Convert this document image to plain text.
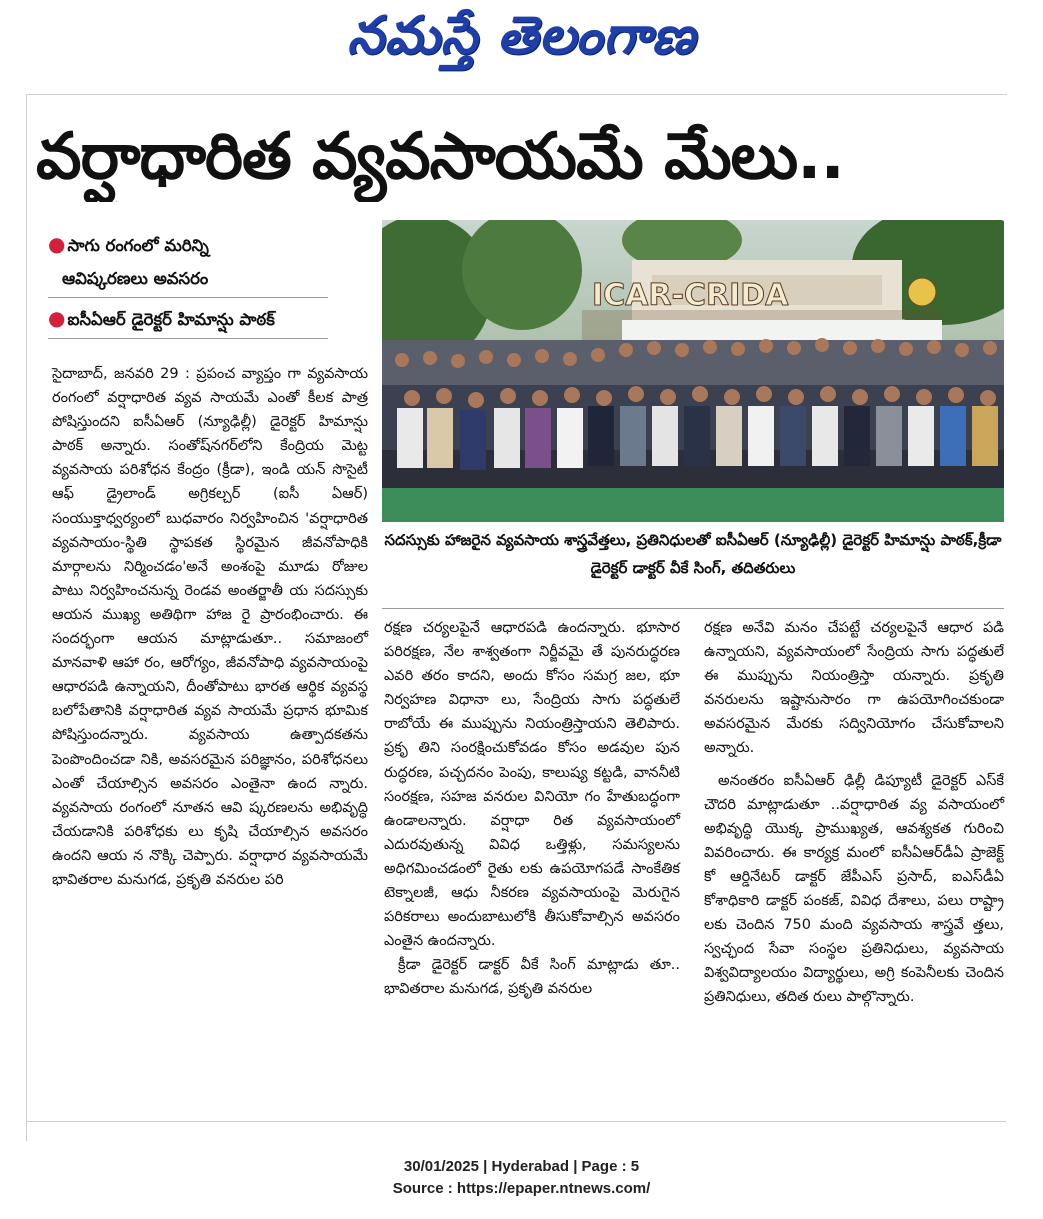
నమస్తే తెలంగాణ
వర్షాధారిత వ్యవసాయమే మేలు..
● సాగు రంగంలో మరిన్ని
ఆవిష్కరణలు అవసరం
● ఐసీఏఆర్ డైరెక్టర్ హిమాన్షు పాఠక్
ICAR-CRIDA
సదస్సుకు హాజరైన వ్యవసాయ శాస్త్రవేత్తలు, ప్రతినిధులతో ఐసీఏఆర్ (న్యూఢిల్లీ) డైరెక్టర్ హిమాన్షు పాఠక్,క్రీడా డైరెక్టర్ డాక్టర్ వీకే సింగ్, తదితరులు

సైదాబాద్, జనవరి 29 : ప్రపంచ వ్యాప్తం గా వ్యవసాయ రంగంలో వర్షాధారిత వ్యవ సాయమే ఎంతో కీలక పాత్ర పోషిస్తుందని ఐసీఏఆర్ (న్యూఢిల్లీ) డైరెక్టర్ హిమాన్షు పాఠక్ అన్నారు. సంతోష్‌నగర్‌లోని కేంద్రియ మెట్ట వ్యవసాయ పరిశోధన కేంద్రం (క్రీడా), ఇండి యన్ సొసైటీ ఆఫ్ డ్రైలాండ్ అగ్రికల్చర్ (ఐసీ ఏఆర్) సంయుక్తాధ్వర్యంలో బుధవారం నిర్వహించిన 'వర్షాధారిత వ్యవసాయం-స్థితి స్థాపకత స్థిరమైన జీవనోపాధికి మార్గాలను నిర్మించడం'అనే అంశంపై మూడు రోజుల పాటు నిర్వహించనున్న రెండవ అంతర్జాతీ య సదస్సుకు ఆయన ముఖ్య అతిథిగా హాజ రై ప్రారంభించారు. ఈ సందర్భంగా ఆయన మాట్లాడుతూ.. సమాజంలో మానవాళి ఆహా రం, ఆరోగ్యం, జీవనోపాధి వ్యవసాయంపై ఆధారపడి ఉన్నాయని, దీంతోపాటు భారత ఆర్థిక వ్యవస్థ బలోపేతానికి వర్షాధారిత వ్యవ సాయమే ప్రధాన భూమిక పోషిస్తుందన్నారు. వ్యవసాయ ఉత్పాదకతను పెంపొందించడా నికి, అవసరమైన పరిజ్ఞానం, పరిశోధనలు ఎంతో చేయాల్సిన అవసరం ఎంతైనా ఉంద న్నారు. వ్యవసాయ రంగంలో నూతన ఆవి ష్కరణలను అభివృద్ధి చేయడానికి పరిశోధకు లు కృషి చేయాల్సిన అవసరం ఉందని ఆయ న నొక్కి చెప్పారు. వర్షాధార వ్యవసాయమే భావితరాల మనుగడ, ప్రకృతి వనరుల పరి

రక్షణ చర్యలపైనే ఆధారపడి ఉందన్నారు. భూసార పరిరక్షణ, నేల శాశ్వతంగా నిర్జీవమై తే పునరుద్ధరణ ఎవరి తరం కాదని, అందు కోసం సమగ్ర జల, భూ నిర్వహణ విధానా లు, సేంద్రియ సాగు పద్ధతులే రాబోయే ఈ ముప్పును నియంత్రిస్తాయని తెలిపారు. ప్రకృ తిని సంరక్షించుకోవడం కోసం అడవుల పున రుద్ధరణ, పచ్చదనం పెంపు, కాలుష్య కట్టడి, వాననీటి సంరక్షణ, సహజ వనరుల వినియో గం హేతుబద్ధంగా ఉండాలన్నారు. వర్షాధా రిత వ్యవసాయంలో ఎదురవుతున్న వివిధ ఒత్తిళ్లు, సమస్యలను అధిగమించడంలో రైతు లకు ఉపయోగపడే సాంకేతిక టెక్నాలజీ, ఆధు నీకరణ వ్యవసాయంపై మెరుగైన పరికరాలు అందుబాటులోకి తీసుకోవాల్సిన అవసరం ఎంతైన ఉందన్నారు.

క్రీడా డైరెక్టర్ డాక్టర్ వీకే సింగ్ మాట్లాడు తూ.. భావితరాల మనుగడ, ప్రకృతి వనరుల

రక్షణ అనేవి మనం చేపట్టే చర్యలపైనే ఆధార పడి ఉన్నాయని, వ్యవసాయంలో సేంద్రియ సాగు పద్ధతులే ఈ ముప్పును నియంత్రిస్తా యన్నారు. ప్రకృతి వనరులను ఇష్టానుసారం గా ఉపయోగించకుండా అవసరమైన మేరకు సద్వినియోగం చేసుకోవాలని అన్నారు.

అనంతరం ఐసీఏఆర్ ఢిల్లీ డిప్యూటీ డైరెక్టర్ ఎస్‌కే చౌదరి మాట్లాడుతూ ..వర్షాధారిత వ్య వసాయంలో అభివృద్ధి యొక్క ప్రాముఖ్యత, ఆవశ్యకత గురించి వివరించారు. ఈ కార్యక్ర మంలో ఐసీఏఆర్‌డీఏ ప్రాజెక్ట్ కో ఆర్డినేటర్ డాక్టర్ జేపీఎస్ ప్రసాద్, ఐఎస్‌డీఏ కోశాధికారి డాక్టర్ పంకజ్, వివిధ దేశాలు, పలు రాష్ట్రా లకు చెందిన 750 మంది వ్యవసాయ శాస్త్రవే త్తలు, స్వచ్ఛంద సేవా సంస్థల ప్రతినిధులు, వ్యవసాయ విశ్వవిద్యాలయం విద్యార్థులు, అగ్రి కంపెనీలకు చెందిన ప్రతినిధులు, తదిత రులు పాల్గొన్నారు.

30/01/2025 | Hyderabad | Page : 5
Source : https://epaper.ntnews.com/
